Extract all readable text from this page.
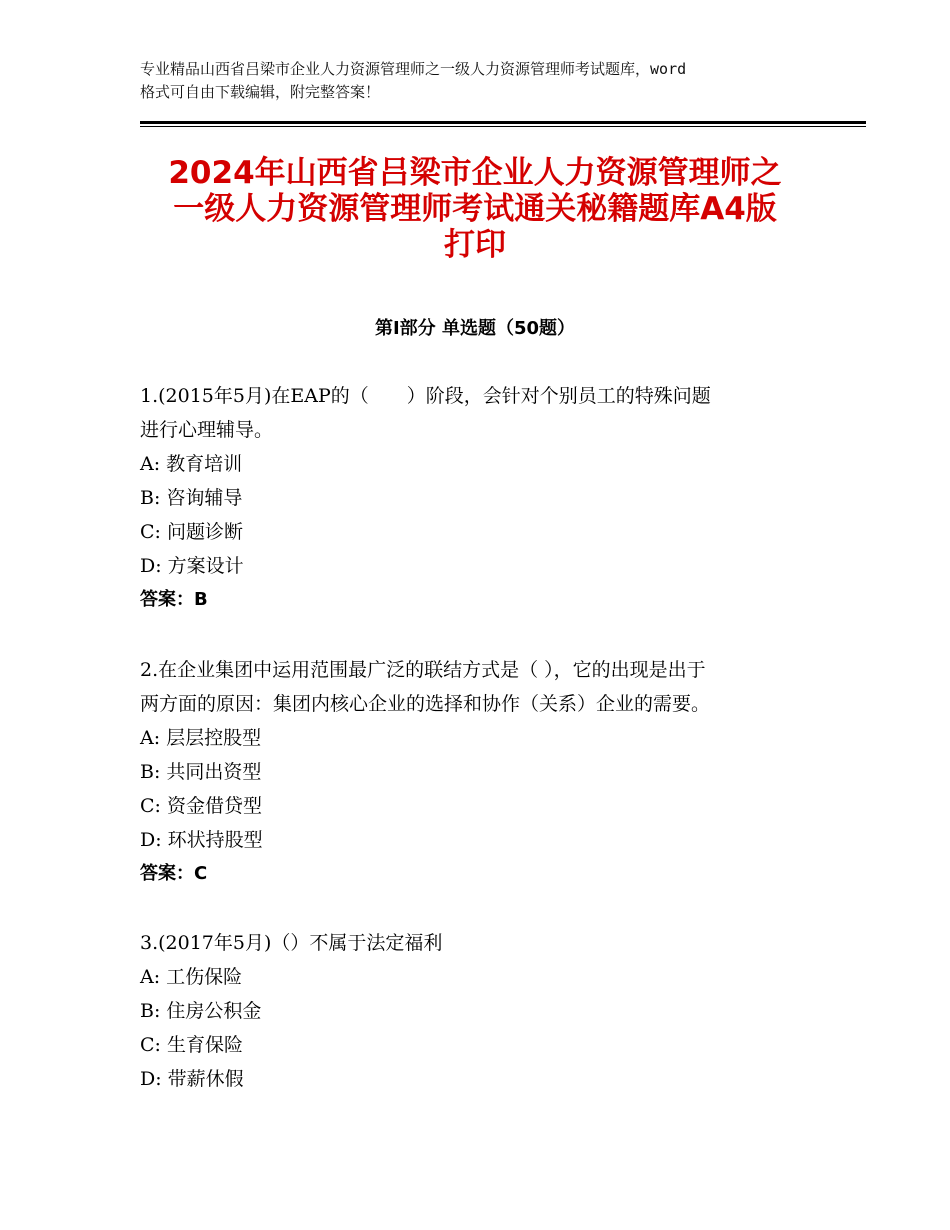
专业精品山西省吕梁市企业人力资源管理师之一级人力资源管理师考试题库，word
格式可自由下载编辑，附完整答案！
2024年山西省吕梁市企业人力资源管理师之
一级人力资源管理师考试通关秘籍题库A4版
打印
第Ⅰ部分 单选题（50题）
1.(2015年5月)在EAP的（　　）阶段，会针对个别员工的特殊问题
进行心理辅导。
A: 教育培训
B: 咨询辅导
C: 问题诊断
D: 方案设计
答案：B
2.在企业集团中运用范围最广泛的联结方式是（ ），它的出现是出于
两方面的原因：集团内核心企业的选择和协作（关系）企业的需要。
A: 层层控股型
B: 共同出资型
C: 资金借贷型
D: 环状持股型
答案：C
3.(2017年5月)（）不属于法定福利
A: 工伤保险
B: 住房公积金
C: 生育保险
D: 带薪休假
